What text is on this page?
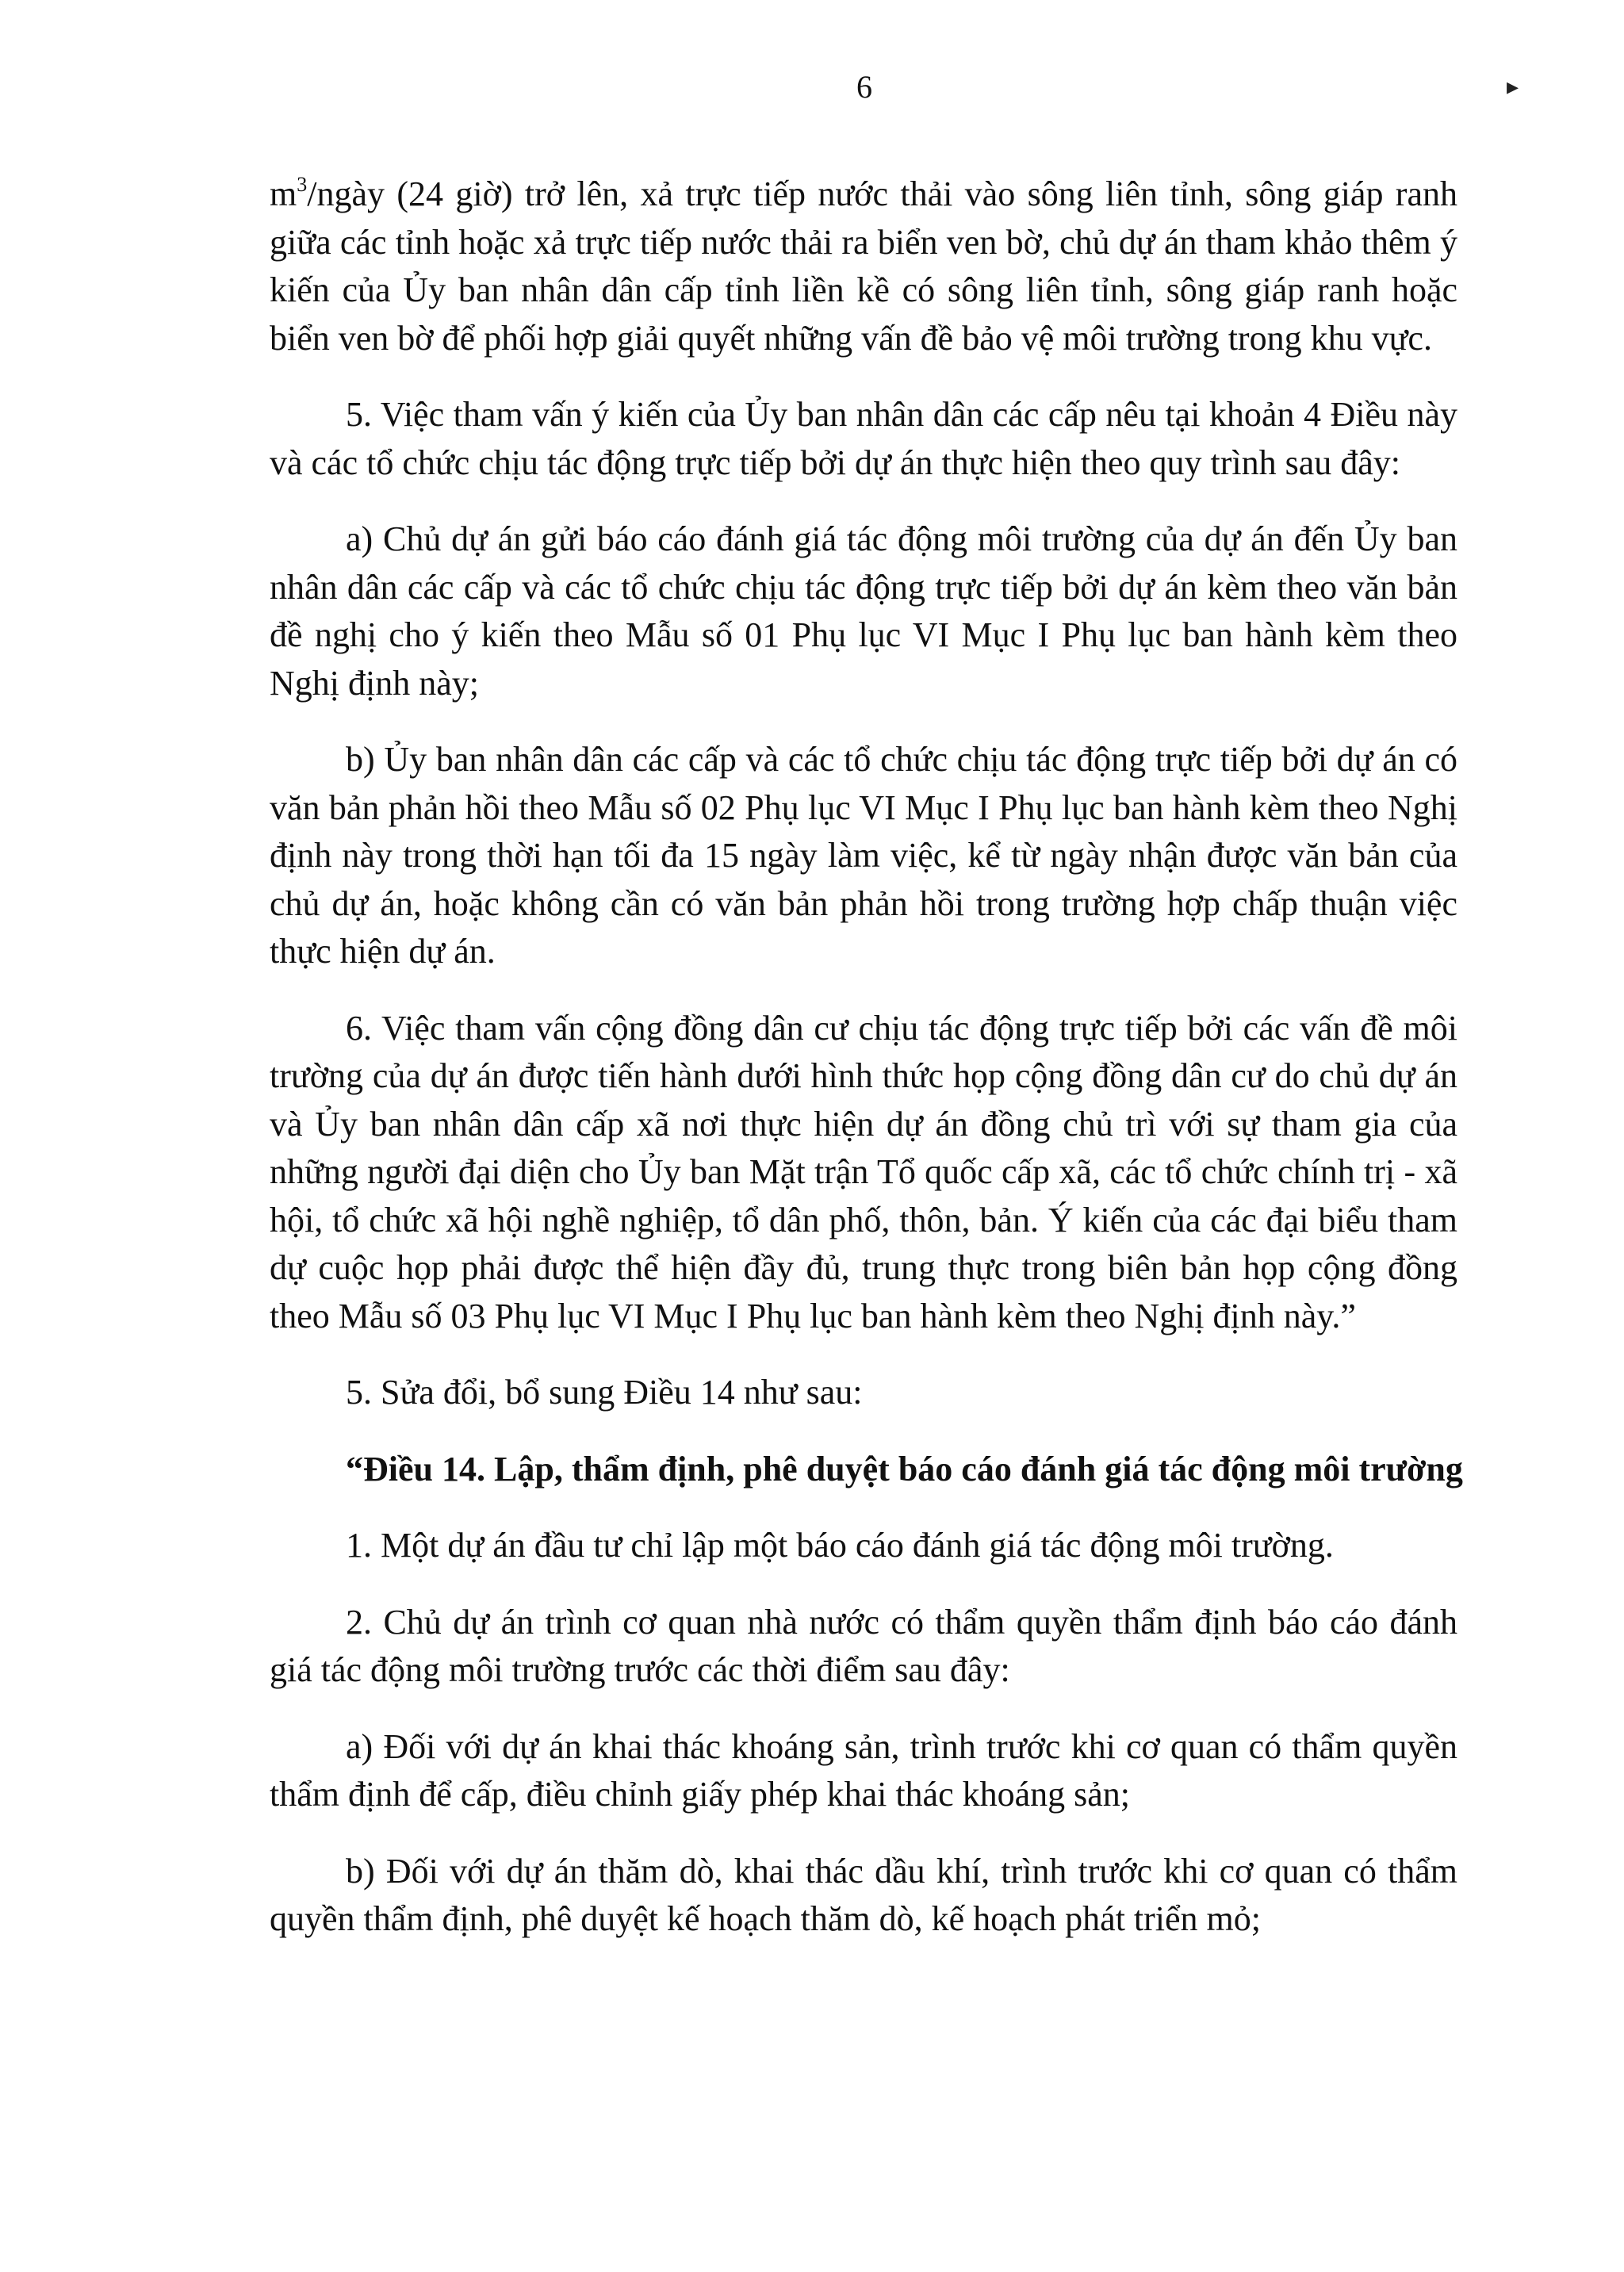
6	▸

$m^3$/ngày (24 giờ) trở lên, xả trực tiếp nước thải vào sông liên tỉnh, sông giáp ranh giữa các tỉnh hoặc xả trực tiếp nước thải ra biển ven bờ, chủ dự án tham khảo thêm ý kiến của Ủy ban nhân dân cấp tỉnh liền kề có sông liên tỉnh, sông giáp ranh hoặc biển ven bờ để phối hợp giải quyết những vấn đề bảo vệ môi trường trong khu vực.

5. Việc tham vấn ý kiến của Ủy ban nhân dân các cấp nêu tại khoản 4 Điều này và các tổ chức chịu tác động trực tiếp bởi dự án thực hiện theo quy trình sau đây:

a) Chủ dự án gửi báo cáo đánh giá tác động môi trường của dự án đến Ủy ban nhân dân các cấp và các tổ chức chịu tác động trực tiếp bởi dự án kèm theo văn bản đề nghị cho ý kiến theo Mẫu số 01 Phụ lục VI Mục I Phụ lục ban hành kèm theo Nghị định này;

b) Ủy ban nhân dân các cấp và các tổ chức chịu tác động trực tiếp bởi dự án có văn bản phản hồi theo Mẫu số 02 Phụ lục VI Mục I Phụ lục ban hành kèm theo Nghị định này trong thời hạn tối đa 15 ngày làm việc, kể từ ngày nhận được văn bản của chủ dự án, hoặc không cần có văn bản phản hồi trong trường hợp chấp thuận việc thực hiện dự án.

6. Việc tham vấn cộng đồng dân cư chịu tác động trực tiếp bởi các vấn đề môi trường của dự án được tiến hành dưới hình thức họp cộng đồng dân cư do chủ dự án và Ủy ban nhân dân cấp xã nơi thực hiện dự án đồng chủ trì với sự tham gia của những người đại diện cho Ủy ban Mặt trận Tổ quốc cấp xã, các tổ chức chính trị - xã hội, tổ chức xã hội nghề nghiệp, tổ dân phố, thôn, bản. Ý kiến của các đại biểu tham dự cuộc họp phải được thể hiện đầy đủ, trung thực trong biên bản họp cộng đồng theo Mẫu số 03 Phụ lục VI Mục I Phụ lục ban hành kèm theo Nghị định này.”

5. Sửa đổi, bổ sung Điều 14 như sau:

“Điều 14. Lập, thẩm định, phê duyệt báo cáo đánh giá tác động môi trường

1. Một dự án đầu tư chỉ lập một báo cáo đánh giá tác động môi trường.

2. Chủ dự án trình cơ quan nhà nước có thẩm quyền thẩm định báo cáo đánh giá tác động môi trường trước các thời điểm sau đây:

a) Đối với dự án khai thác khoáng sản, trình trước khi cơ quan có thẩm quyền thẩm định để cấp, điều chỉnh giấy phép khai thác khoáng sản;

b) Đối với dự án thăm dò, khai thác dầu khí, trình trước khi cơ quan có thẩm quyền thẩm định, phê duyệt kế hoạch thăm dò, kế hoạch phát triển mỏ;
